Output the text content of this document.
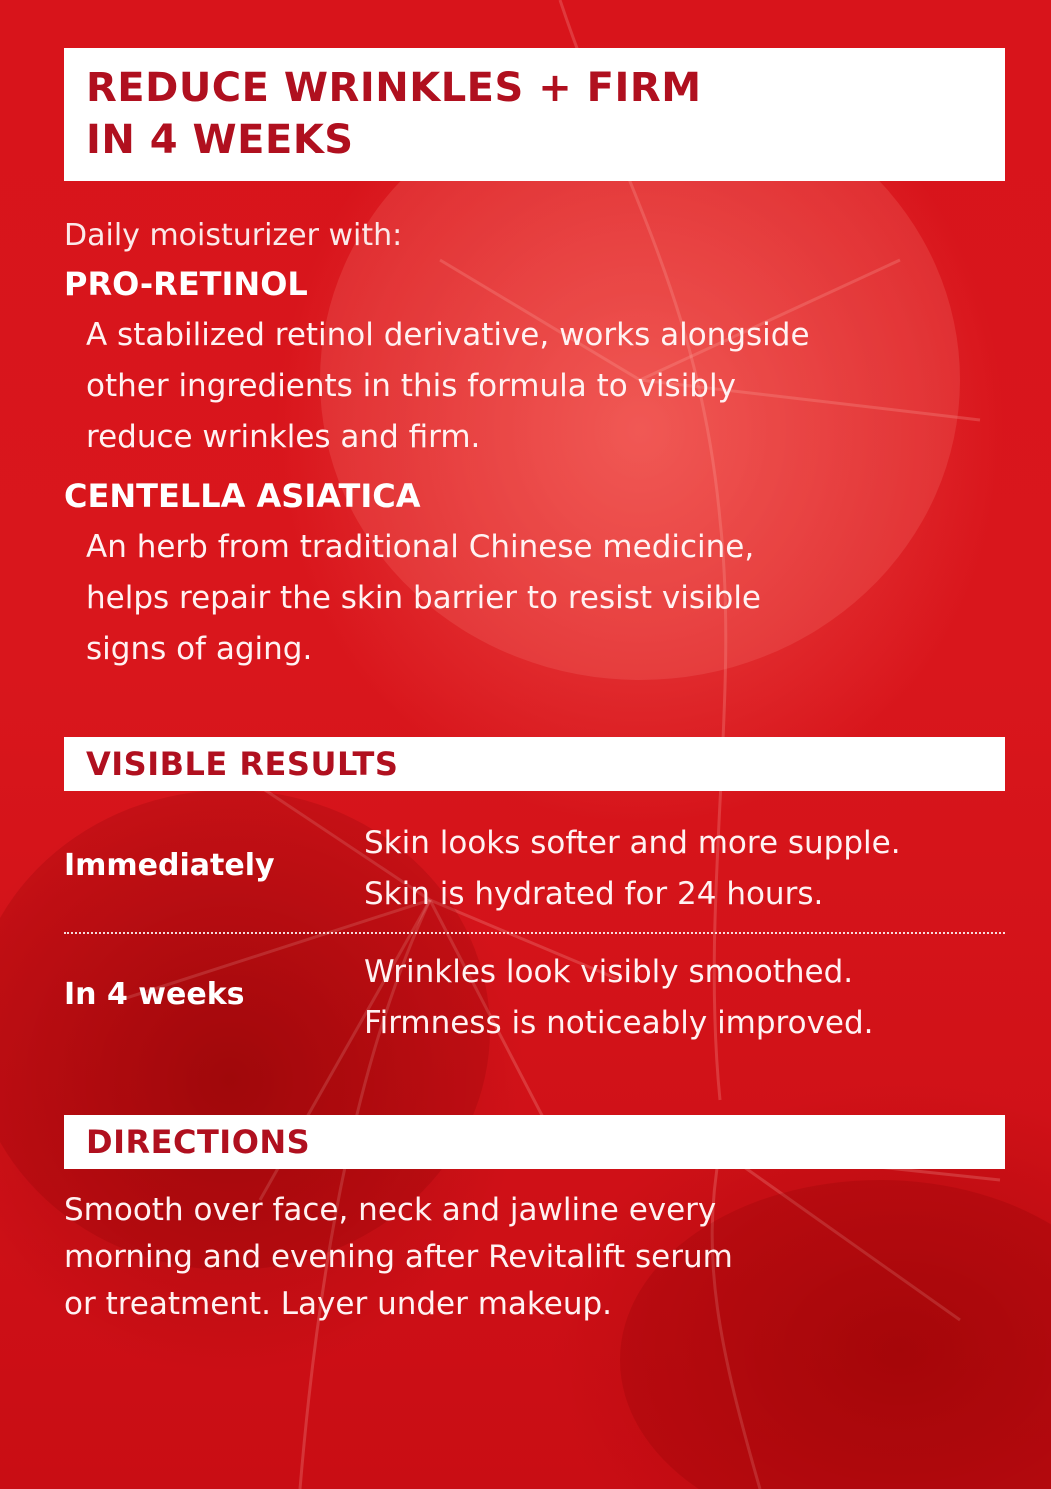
REDUCE WRINKLES + FIRM
IN 4 WEEKS
Daily moisturizer with:
PRO-RETINOL
A stabilized retinol derivative, works alongside
other ingredients in this formula to visibly
reduce wrinkles and firm.
CENTELLA ASIATICA
An herb from traditional Chinese medicine,
helps repair the skin barrier to resist visible
signs of aging.
VISIBLE RESULTS
Immediately
Skin looks softer and more supple.
Skin is hydrated for 24 hours.
In 4 weeks
Wrinkles look visibly smoothed.
Firmness is noticeably improved.
DIRECTIONS
Smooth over face, neck and jawline every
morning and evening after Revitalift serum
or treatment. Layer under makeup.
